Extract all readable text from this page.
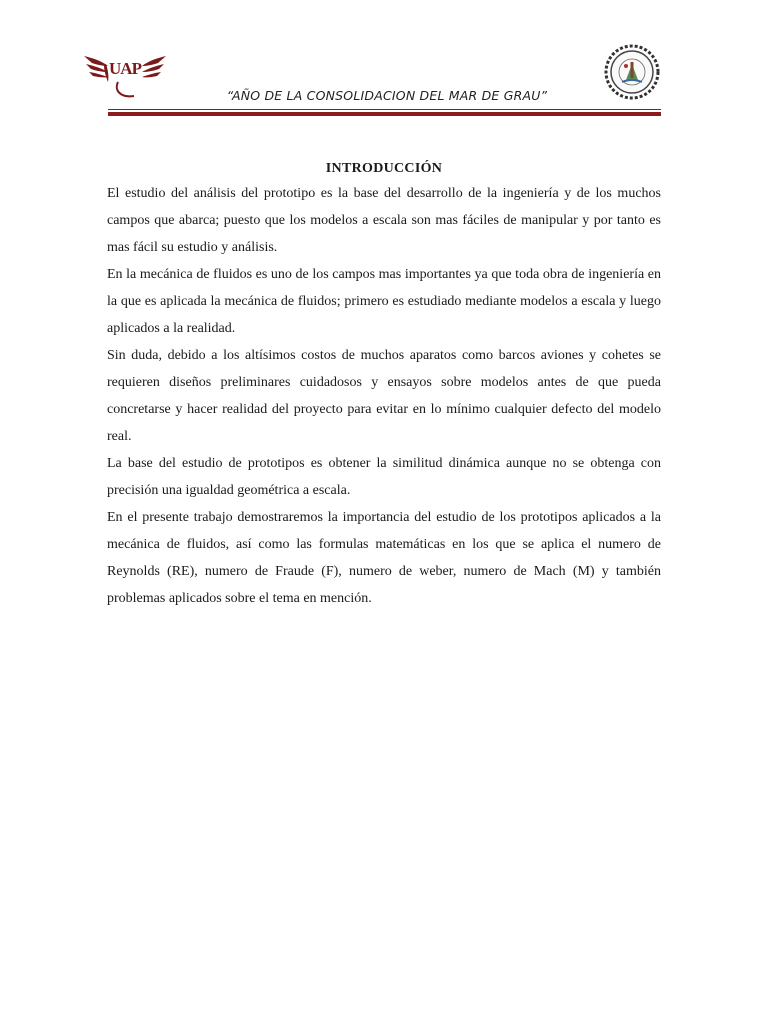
UAP
“AÑO DE LA CONSOLIDACION DEL MAR DE GRAU”

INTRODUCCIÓN

El estudio del análisis del prototipo es la base del desarrollo de la ingeniería y de los muchos campos que abarca; puesto que los modelos a escala son mas fáciles de manipular y por tanto es mas fácil su estudio y análisis.

En la mecánica de fluidos es uno de los campos mas importantes ya que toda obra de ingeniería en la que es aplicada la mecánica de fluidos; primero es estudiado mediante modelos a escala y luego aplicados a la realidad.

Sin duda, debido a los altísimos costos de muchos aparatos como barcos aviones y cohetes se requieren diseños preliminares cuidadosos y ensayos sobre modelos antes de que pueda concretarse y hacer realidad del proyecto para evitar en lo mínimo cualquier defecto del modelo real.

La base del estudio de prototipos es obtener la similitud dinámica aunque no se obtenga con precisión una igualdad geométrica a escala.

En el presente trabajo demostraremos la importancia del estudio de los prototipos aplicados a la mecánica de fluidos, así como las formulas matemáticas en los que se aplica el numero de Reynolds (RE), numero de Fraude (F), numero de weber, numero de Mach (M) y también problemas aplicados sobre el tema en mención.
